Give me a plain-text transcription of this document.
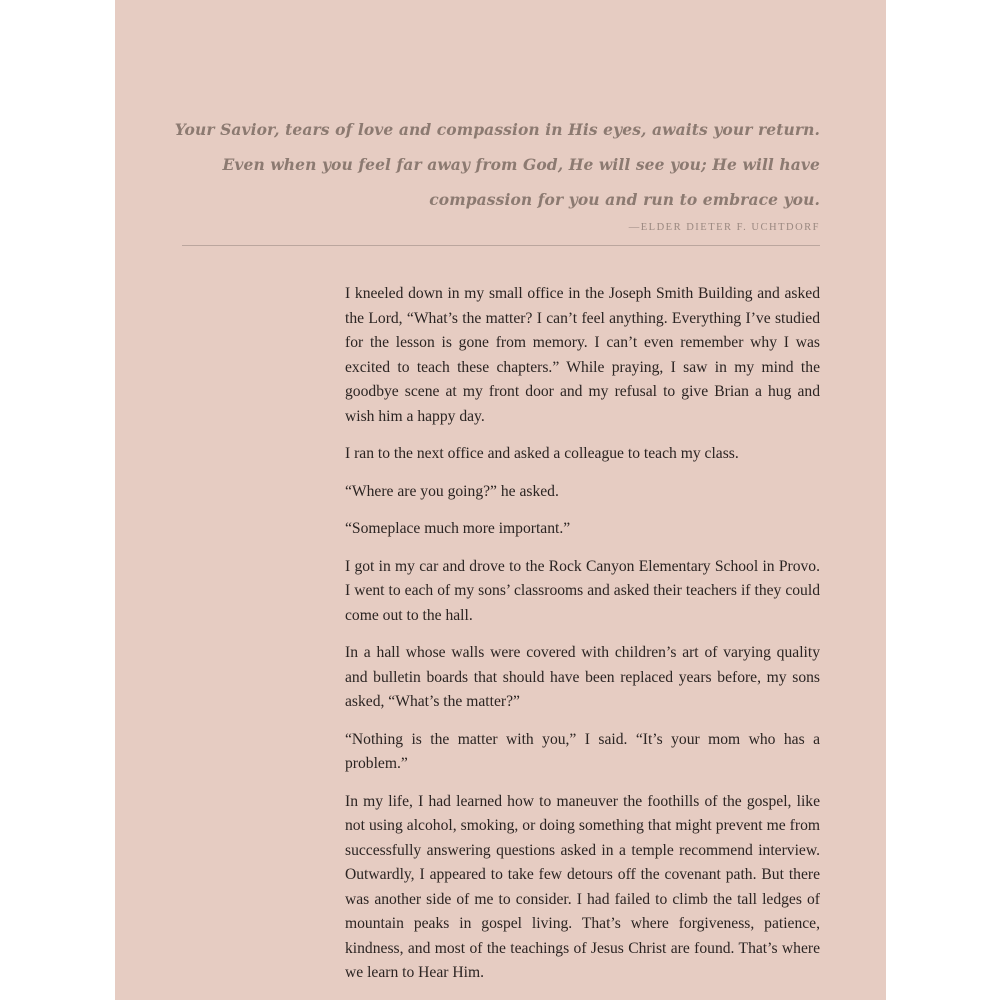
Your Savior, tears of love and compassion in His eyes, awaits your return.
Even when you feel far away from God, He will see you; He will have
compassion for you and run to embrace you.
—ELDER DIETER F. UCHTDORF

I kneeled down in my small office in the Joseph Smith Building and asked the Lord, “What’s the matter? I can’t feel anything. Everything I’ve studied for the lesson is gone from memory. I can’t even remember why I was excited to teach these chapters.” While praying, I saw in my mind the goodbye scene at my front door and my refusal to give Brian a hug and wish him a happy day.

I ran to the next office and asked a colleague to teach my class.

“Where are you going?” he asked.

“Someplace much more important.”

I got in my car and drove to the Rock Canyon Elementary School in Provo. I went to each of my sons’ classrooms and asked their teachers if they could come out to the hall.

In a hall whose walls were covered with children’s art of varying quality and bulletin boards that should have been replaced years before, my sons asked, “What’s the matter?”

“Nothing is the matter with you,” I said. “It’s your mom who has a problem.”

In my life, I had learned how to maneuver the foothills of the gospel, like not using alcohol, smoking, or doing something that might prevent me from successfully answering questions asked in a temple recommend interview. Outwardly, I appeared to take few detours off the covenant path. But there was another side of me to consider. I had failed to climb the tall ledges of mountain peaks in gospel living. That’s where forgiveness, patience, kindness, and most of the teachings of Jesus Christ are found. That’s where we learn to Hear Him.
